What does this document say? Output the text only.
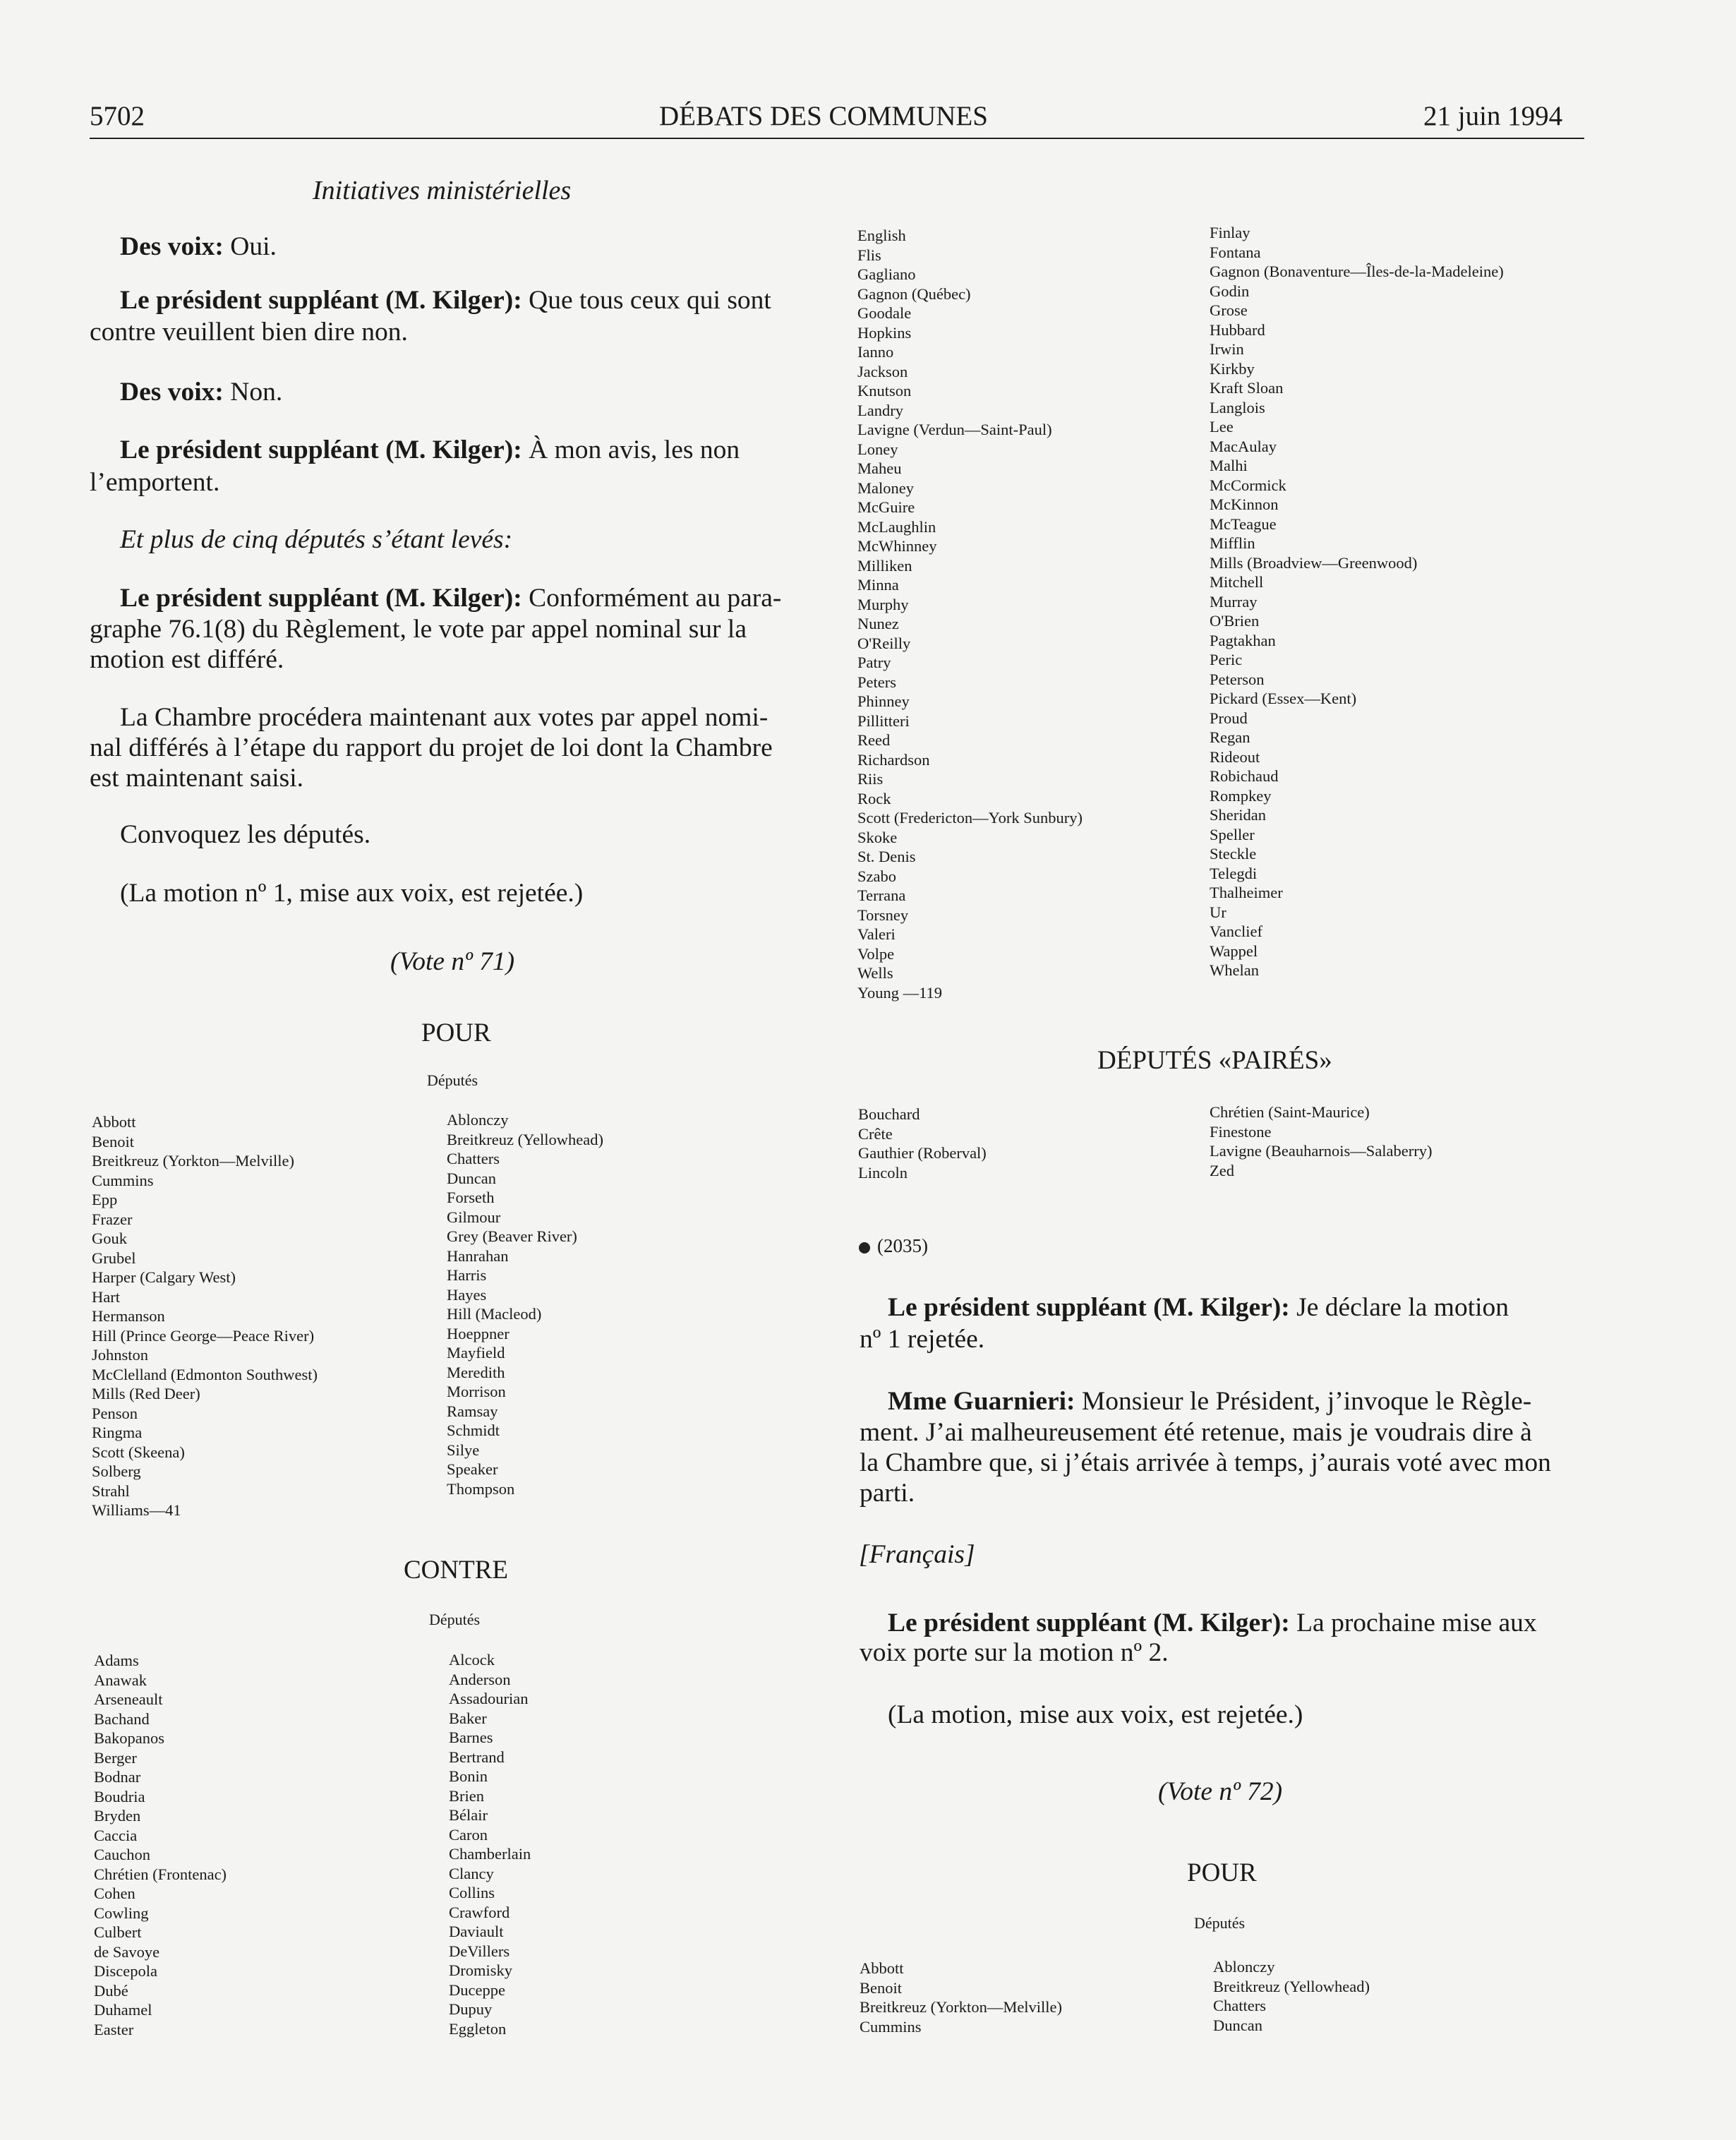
5702	DÉBATS DES COMMUNES	21 juin 1994
Initiatives ministérielles
Des voix: Oui.
Le président suppléant (M. Kilger): Que tous ceux qui sont
contre veuillent bien dire non.
Des voix: Non.
Le président suppléant (M. Kilger): À mon avis, les non
l’emportent.
Et plus de cinq députés s’étant levés:
Le président suppléant (M. Kilger): Conformément au para-
graphe 76.1(8) du Règlement, le vote par appel nominal sur la
motion est différé.
La Chambre procédera maintenant aux votes par appel nomi-
nal différés à l’étape du rapport du projet de loi dont la Chambre
est maintenant saisi.
Convoquez les députés.
(La motion nº 1, mise aux voix, est rejetée.)
(Vote nº 71)
POUR
Députés
Abbott
Benoit
Breitkreuz (Yorkton—Melville)
Cummins
Epp
Frazer
Gouk
Grubel
Harper (Calgary West)
Hart
Hermanson
Hill (Prince George—Peace River)
Johnston
McClelland (Edmonton Southwest)
Mills (Red Deer)
Penson
Ringma
Scott (Skeena)
Solberg
Strahl
Williams—41
Ablonczy
Breitkreuz (Yellowhead)
Chatters
Duncan
Forseth
Gilmour
Grey (Beaver River)
Hanrahan
Harris
Hayes
Hill (Macleod)
Hoeppner
Mayfield
Meredith
Morrison
Ramsay
Schmidt
Silye
Speaker
Thompson
CONTRE
Députés
Adams
Anawak
Arseneault
Bachand
Bakopanos
Berger
Bodnar
Boudria
Bryden
Caccia
Cauchon
Chrétien (Frontenac)
Cohen
Cowling
Culbert
de Savoye
Discepola
Dubé
Duhamel
Easter
Alcock
Anderson
Assadourian
Baker
Barnes
Bertrand
Bonin
Brien
Bélair
Caron
Chamberlain
Clancy
Collins
Crawford
Daviault
DeVillers
Dromisky
Duceppe
Dupuy
Eggleton
English
Flis
Gagliano
Gagnon (Québec)
Goodale
Hopkins
Ianno
Jackson
Knutson
Landry
Lavigne (Verdun—Saint-Paul)
Loney
Maheu
Maloney
McGuire
McLaughlin
McWhinney
Milliken
Minna
Murphy
Nunez
O'Reilly
Patry
Peters
Phinney
Pillitteri
Reed
Richardson
Riis
Rock
Scott (Fredericton—York Sunbury)
Skoke
St. Denis
Szabo
Terrana
Torsney
Valeri
Volpe
Wells
Young —119
Finlay
Fontana
Gagnon (Bonaventure—Îles-de-la-Madeleine)
Godin
Grose
Hubbard
Irwin
Kirkby
Kraft Sloan
Langlois
Lee
MacAulay
Malhi
McCormick
McKinnon
McTeague
Mifflin
Mills (Broadview—Greenwood)
Mitchell
Murray
O'Brien
Pagtakhan
Peric
Peterson
Pickard (Essex—Kent)
Proud
Regan
Rideout
Robichaud
Rompkey
Sheridan
Speller
Steckle
Telegdi
Thalheimer
Ur
Vanclief
Wappel
Whelan
DÉPUTÉS «PAIRÉS»
Bouchard
Crête
Gauthier (Roberval)
Lincoln
Chrétien (Saint-Maurice)
Finestone
Lavigne (Beauharnois—Salaberry)
Zed
(2035)
Le président suppléant (M. Kilger): Je déclare la motion
nº 1 rejetée.
Mme Guarnieri: Monsieur le Président, j’invoque le Règle-
ment. J’ai malheureusement été retenue, mais je voudrais dire à
la Chambre que, si j’étais arrivée à temps, j’aurais voté avec mon
parti.
[Français]
Le président suppléant (M. Kilger): La prochaine mise aux
voix porte sur la motion nº 2.
(La motion, mise aux voix, est rejetée.)
(Vote nº 72)
POUR
Députés
Abbott
Benoit
Breitkreuz (Yorkton—Melville)
Cummins
Ablonczy
Breitkreuz (Yellowhead)
Chatters
Duncan
